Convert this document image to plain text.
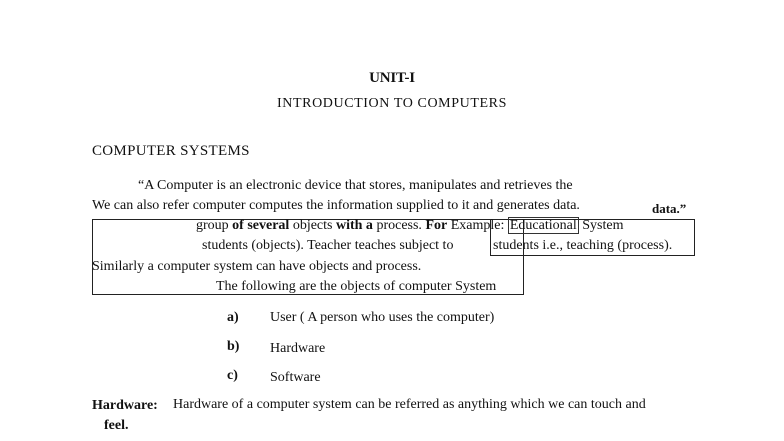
UNIT-I
INTRODUCTION TO COMPUTERS
COMPUTER SYSTEMS
“A Computer is an electronic device that stores, manipulates and retrieves the
data.”
We can also refer computer computes the information supplied to it and generates data.
group of several objects with a process. For Example: Educational System
students (objects). Teacher teaches subject to	students i.e., teaching (process).
Similarly a computer system can have objects and process.
The following are the objects of computer System
a) User ( A person who uses the computer)
b) Hardware
c) Software
Hardware: Hardware of a computer system can be referred as anything which we can touch and
feel.
